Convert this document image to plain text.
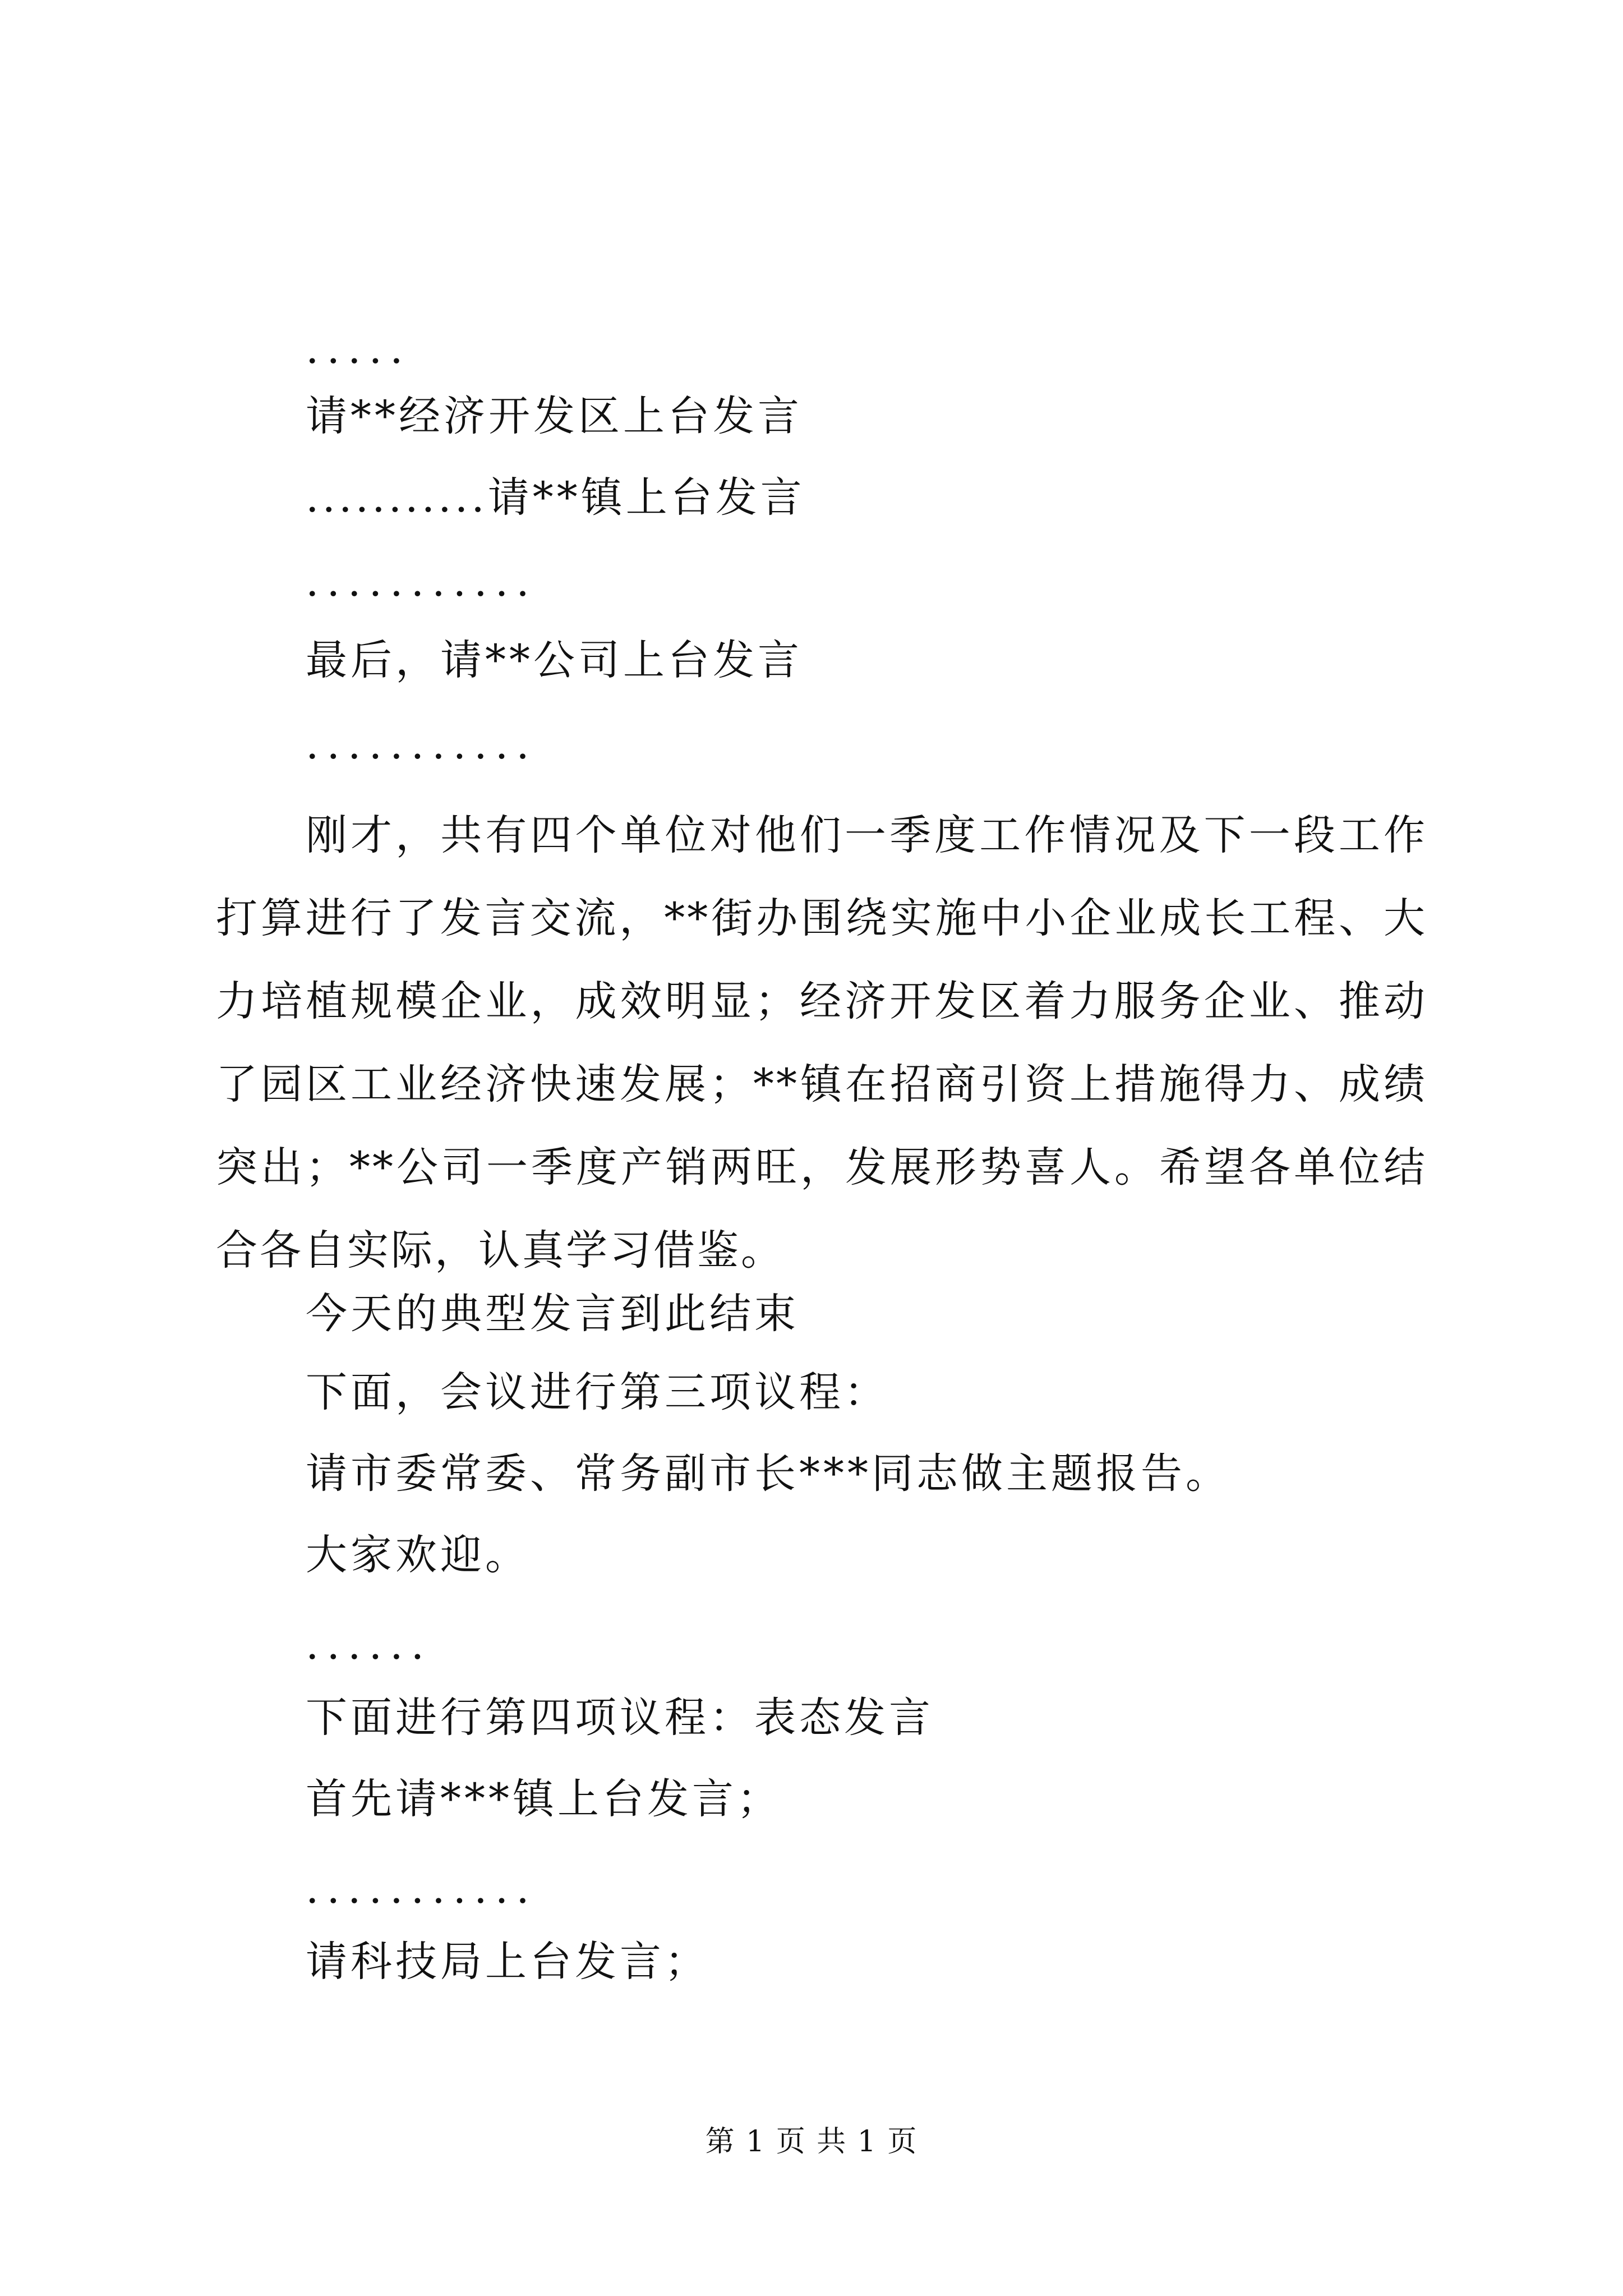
.....
请**经济开发区上台发言
...........请**镇上台发言
...........
最后，请**公司上台发言
...........
刚才，共有四个单位对他们一季度工作情况及下一段工作打算进行了发言交流，**街办围绕实施中小企业成长工程、大力培植规模企业，成效明显；经济开发区着力服务企业、推动了园区工业经济快速发展；**镇在招商引资上措施得力、成绩突出；**公司一季度产销两旺，发展形势喜人。希望各单位结合各自实际，认真学习借鉴。
今天的典型发言到此结束
下面，会议进行第三项议程：
请市委常委、常务副市长***同志做主题报告。
大家欢迎。
......
下面进行第四项议程：表态发言
首先请***镇上台发言；
...........
请科技局上台发言；
第 1 页 共 1 页
